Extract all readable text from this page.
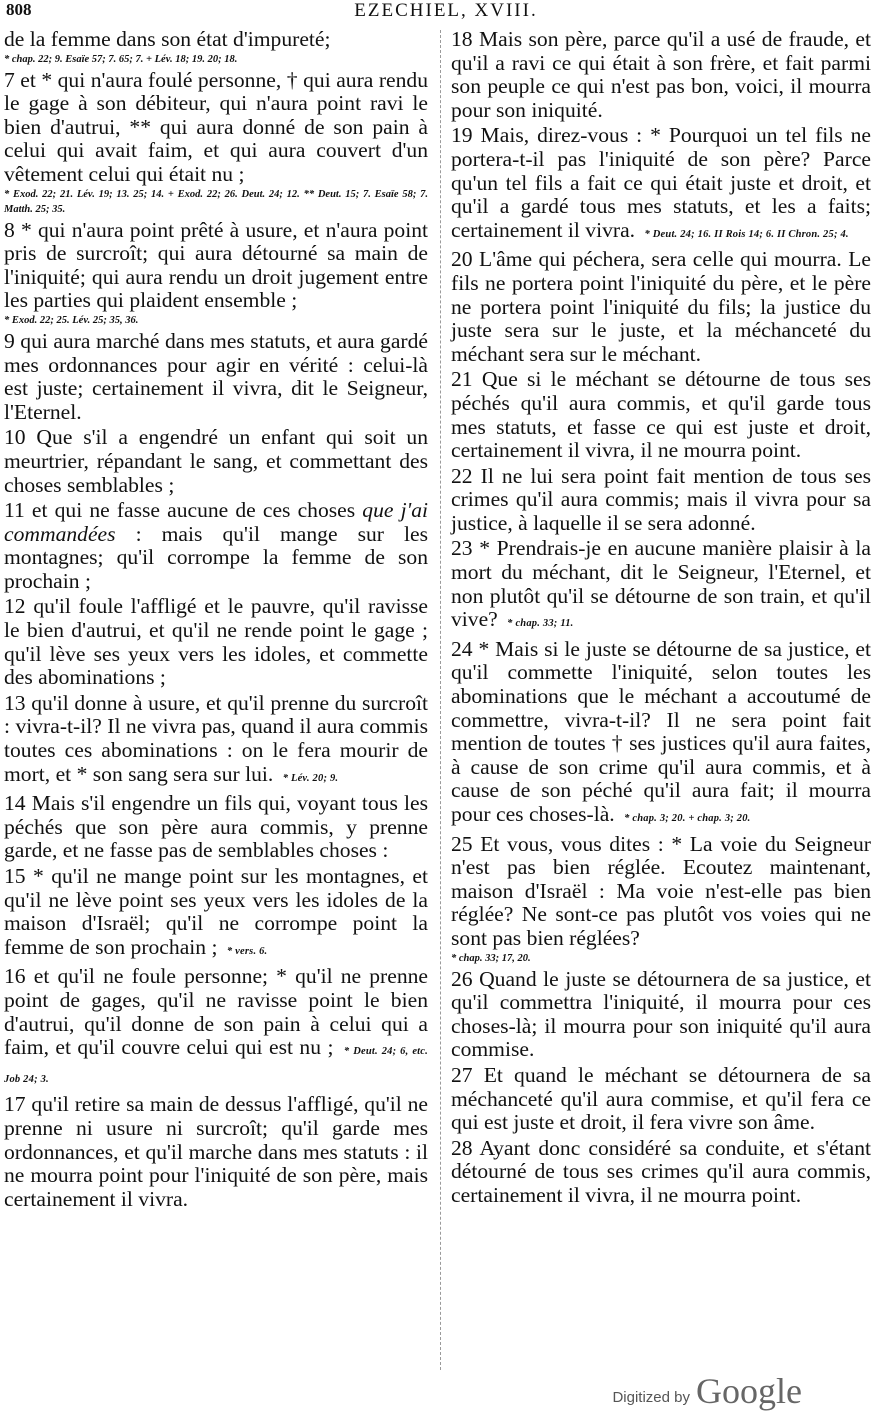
808	EZECHIEL, XVIII.

de la femme dans son état d'impureté;
* chap. 22; 9. Esaïe 57; 7. 65; 7. + Lév. 18; 19. 20; 18.

7 et * qui n'aura foulé personne, † qui aura rendu le gage à son débiteur, qui n'aura point ravi le bien d'autrui, ** qui aura donné de son pain à celui qui avait faim, et qui aura couvert d'un vêtement celui qui était nu ;
* Exod. 22; 21. Lév. 19; 13. 25; 14. + Exod. 22; 26. Deut. 24; 12. ** Deut. 15; 7. Esaïe 58; 7. Matth. 25; 35.

8 * qui n'aura point prêté à usure, et n'aura point pris de surcroît; qui aura détourné sa main de l'iniquité; qui aura rendu un droit jugement entre les parties qui plaident ensemble ;
* Exod. 22; 25. Lév. 25; 35, 36.

9 qui aura marché dans mes statuts, et aura gardé mes ordonnances pour agir en vérité : celui-là est juste; certainement il vivra, dit le Seigneur, l'Eternel.

10 Que s'il a engendré un enfant qui soit un meurtrier, répandant le sang, et commettant des choses semblables ;

11 et qui ne fasse aucune de ces choses que j'ai commandées : mais qu'il mange sur les montagnes; qu'il corrompe la femme de son prochain ;

12 qu'il foule l'affligé et le pauvre, qu'il ravisse le bien d'autrui, et qu'il ne rende point le gage ; qu'il lève ses yeux vers les idoles, et commette des abominations ;

13 qu'il donne à usure, et qu'il prenne du surcroît : vivra-t-il? Il ne vivra pas, quand il aura commis toutes ces abominations : on le fera mourir de mort, et * son sang sera sur lui. * Lév. 20; 9.

14 Mais s'il engendre un fils qui, voyant tous les péchés que son père aura commis, y prenne garde, et ne fasse pas de semblables choses :

15 * qu'il ne mange point sur les montagnes, et qu'il ne lève point ses yeux vers les idoles de la maison d'Israël; qu'il ne corrompe point la femme de son prochain ; * vers. 6.

16 et qu'il ne foule personne; * qu'il ne prenne point de gages, qu'il ne ravisse point le bien d'autrui, qu'il donne de son pain à celui qui a faim, et qu'il couvre celui qui est nu ; * Deut. 24; 6, etc. Job 24; 3.

17 qu'il retire sa main de dessus l'affligé, qu'il ne prenne ni usure ni surcroît; qu'il garde mes ordonnances, et qu'il marche dans mes statuts : il ne mourra point pour l'iniquité de son père, mais certainement il vivra.

18 Mais son père, parce qu'il a usé de fraude, et qu'il a ravi ce qui était à son frère, et fait parmi son peuple ce qui n'est pas bon, voici, il mourra pour son iniquité.

19 Mais, direz-vous : * Pourquoi un tel fils ne portera-t-il pas l'iniquité de son père? Parce qu'un tel fils a fait ce qui était juste et droit, et qu'il a gardé tous mes statuts, et les a faits; certainement il vivra. * Deut. 24; 16. II Rois 14; 6. II Chron. 25; 4.

20 L'âme qui péchera, sera celle qui mourra. Le fils ne portera point l'iniquité du père, et le père ne portera point l'iniquité du fils; la justice du juste sera sur le juste, et la méchanceté du méchant sera sur le méchant.

21 Que si le méchant se détourne de tous ses péchés qu'il aura commis, et qu'il garde tous mes statuts, et fasse ce qui est juste et droit, certainement il vivra, il ne mourra point.

22 Il ne lui sera point fait mention de tous ses crimes qu'il aura commis; mais il vivra pour sa justice, à laquelle il se sera adonné.

23 * Prendrais-je en aucune manière plaisir à la mort du méchant, dit le Seigneur, l'Eternel, et non plutôt qu'il se détourne de son train, et qu'il vive? * chap. 33; 11.

24 * Mais si le juste se détourne de sa justice, et qu'il commette l'iniquité, selon toutes les abominations que le méchant a accoutumé de commettre, vivra-t-il? Il ne sera point fait mention de toutes † ses justices qu'il aura faites, à cause de son crime qu'il aura commis, et à cause de son péché qu'il aura fait; il mourra pour ces choses-là. * chap. 3; 20. + chap. 3; 20.

25 Et vous, vous dites : * La voie du Seigneur n'est pas bien réglée. Ecoutez maintenant, maison d'Israël : Ma voie n'est-elle pas bien réglée? Ne sont-ce pas plutôt vos voies qui ne sont pas bien réglées?
* chap. 33; 17, 20.

26 Quand le juste se détournera de sa justice, et qu'il commettra l'iniquité, il mourra pour ces choses-là; il mourra pour son iniquité qu'il aura commise.

27 Et quand le méchant se détournera de sa méchanceté qu'il aura commise, et qu'il fera ce qui est juste et droit, il fera vivre son âme.

28 Ayant donc considéré sa conduite, et s'étant détourné de tous ses crimes qu'il aura commis, certainement il vivra, il ne mourra point.

Digitized by Google
